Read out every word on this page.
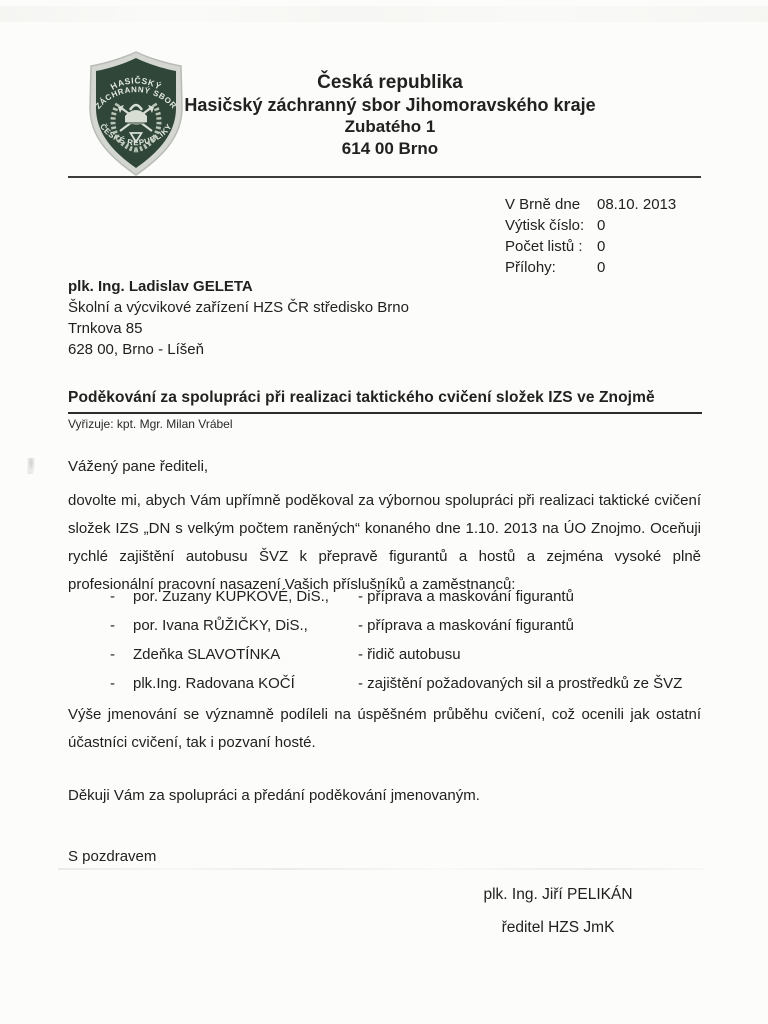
HASIČSKÝ
ZÁCHRANNÝ SBOR
ČESKÉ REPUBLIKY
Česká republika
Hasičský záchranný sbor Jihomoravského kraje
Zubatého 1
614 00 Brno
V Brně dne	08.10. 2013
Výtisk číslo: 0
Počet listů : 0
Přílohy:	0
plk. Ing. Ladislav GELETA
Školní a výcvikové zařízení HZS ČR středisko Brno
Trnkova 85
628 00, Brno - Líšeň
Poděkování za spolupráci při realizaci taktického cvičení složek IZS ve Znojmě
Vyřizuje: kpt. Mgr. Milan Vrábel
Vážený pane řediteli,
dovolte mi, abych Vám upřímně poděkoval za výbornou spolupráci při realizaci taktické cvičení složek IZS „DN s velkým počtem raněných“ konaného dne 1.10. 2013 na ÚO Znojmo. Oceňuji rychlé zajištění autobusu ŠVZ k přepravě figurantů a hostů a zejména vysoké plně profesionální pracovní nasazení Vašich příslušníků a zaměstnanců:
-	por. Zuzany KUPKOVÉ, DiS.,	- příprava a maskování figurantů
-	por. Ivana RŮŽIČKY, DiS.,	- příprava a maskování figurantů
-	Zdeňka SLAVOTÍNKA	- řidič autobusu
-	plk.Ing. Radovana KOČÍ	- zajištění požadovaných sil a prostředků ze ŠVZ
Výše jmenování se významně podíleli na úspěšném průběhu cvičení, což ocenili jak ostatní účastníci cvičení, tak i pozvaní hosté.
Děkuji Vám za spolupráci a předání poděkování jmenovaným.
S pozdravem
plk. Ing. Jiří PELIKÁN
ředitel HZS JmK
